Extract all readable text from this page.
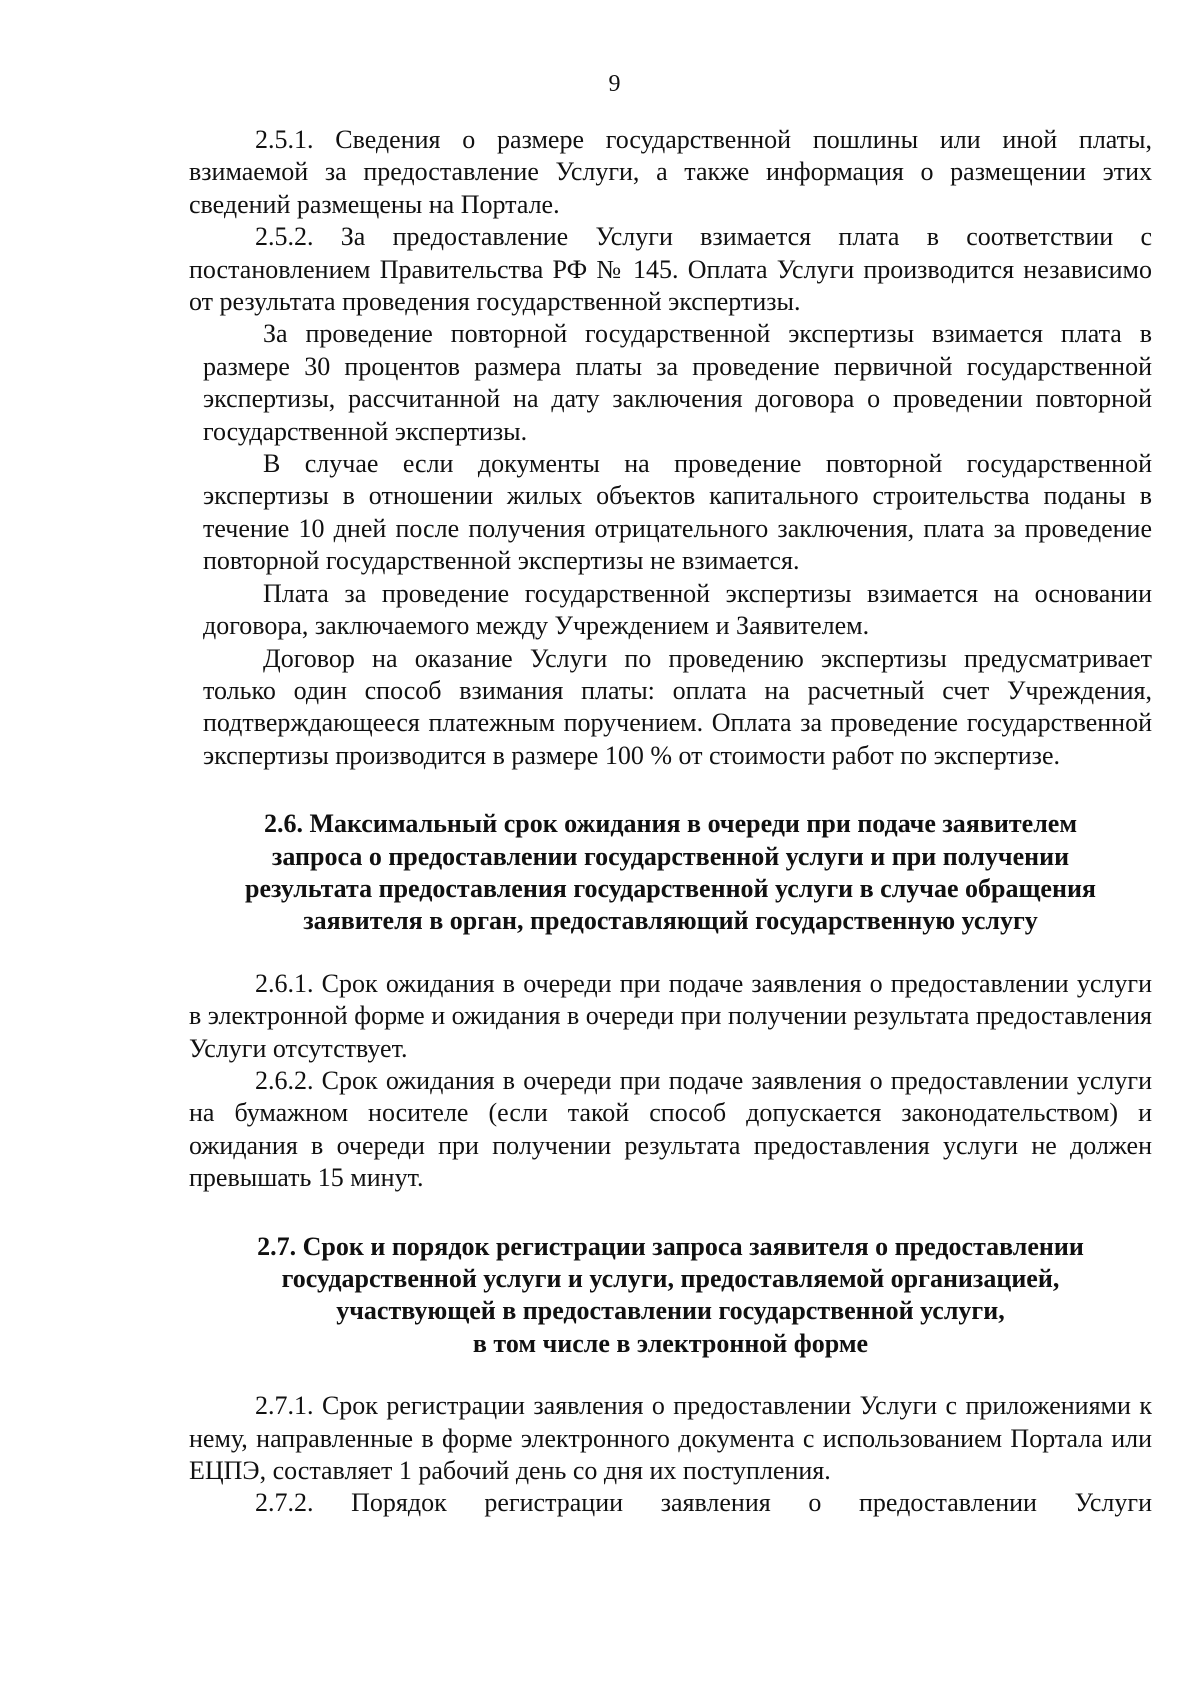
9

2.5.1. Сведения о размере государственной пошлины или иной платы, взимаемой за предоставление Услуги, а также информация о размещении этих сведений размещены на Портале.

2.5.2. За предоставление Услуги взимается плата в соответствии с постановлением Правительства РФ № 145. Оплата Услуги производится независимо от результата проведения государственной экспертизы.

За проведение повторной государственной экспертизы взимается плата в размере 30 процентов размера платы за проведение первичной государственной экспертизы, рассчитанной на дату заключения договора о проведении повторной государственной экспертизы.

В случае если документы на проведение повторной государственной экспертизы в отношении жилых объектов капитального строительства поданы в течение 10 дней после получения отрицательного заключения, плата за проведение повторной государственной экспертизы не взимается.

Плата за проведение государственной экспертизы взимается на основании договора, заключаемого между Учреждением и Заявителем.

Договор на оказание Услуги по проведению экспертизы предусматривает только один способ взимания платы: оплата на расчетный счет Учреждения, подтверждающееся платежным поручением. Оплата за проведение государственной экспертизы производится в размере 100 % от стоимости работ по экспертизе.

2.6. Максимальный срок ожидания в очереди при подаче заявителем
запроса о предоставлении государственной услуги и при получении
результата предоставления государственной услуги в случае обращения
заявителя в орган, предоставляющий государственную услугу

2.6.1. Срок ожидания в очереди при подаче заявления о предоставлении услуги в электронной форме и ожидания в очереди при получении результата предоставления Услуги отсутствует.

2.6.2. Срок ожидания в очереди при подаче заявления о предоставлении услуги на бумажном носителе (если такой способ допускается законодательством) и ожидания в очереди при получении результата предоставления услуги не должен превышать 15 минут.

2.7. Срок и порядок регистрации запроса заявителя о предоставлении
государственной услуги и услуги, предоставляемой организацией,
участвующей в предоставлении государственной услуги,
в том числе в электронной форме

2.7.1. Срок регистрации заявления о предоставлении Услуги с приложениями к нему, направленные в форме электронного документа с использованием Портала или ЕЦПЭ, составляет 1 рабочий день со дня их поступления.

2.7.2. Порядок регистрации заявления о предоставлении Услуги
